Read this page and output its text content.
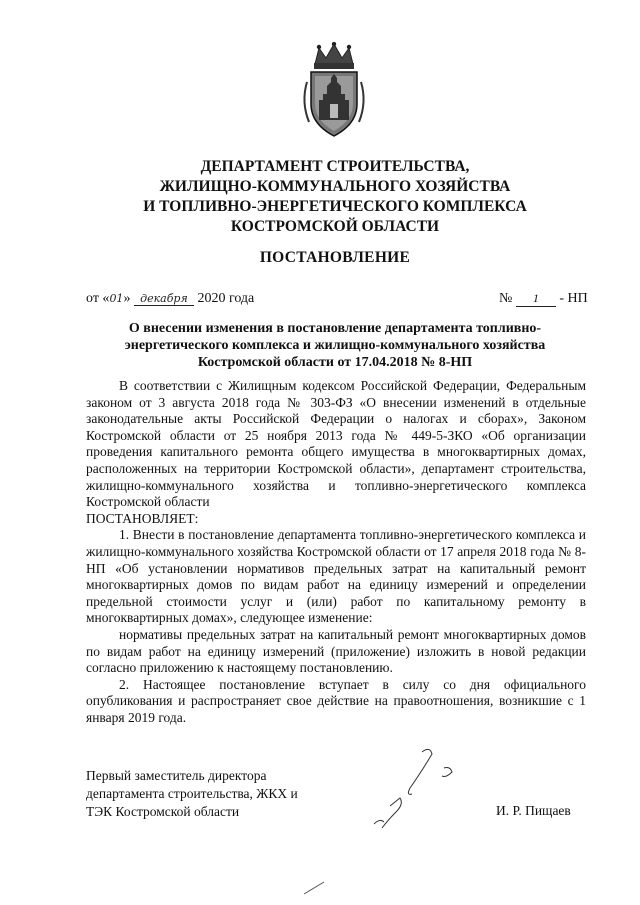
ДЕПАРТАМЕНТ СТРОИТЕЛЬСТВА,
ЖИЛИЩНО-КОММУНАЛЬНОГО ХОЗЯЙСТВА
И ТОПЛИВНО-ЭНЕРГЕТИЧЕСКОГО КОМПЛЕКСА
КОСТРОМСКОЙ ОБЛАСТИ
ПОСТАНОВЛЕНИЕ
от «01» декабря 2020 года	№ 1 - НП
О внесении изменения в постановление департамента топливно-
энергетического комплекса и жилищно-коммунального хозяйства
Костромской области от 17.04.2018 № 8-НП

В соответствии с Жилищным кодексом Российской Федерации, Федеральным законом от 3 августа 2018 года № 303-ФЗ «О внесении изменений в отдельные законодательные акты Российской Федерации о налогах и сборах», Законом Костромской области от 25 ноября 2013 года № 449-5-ЗКО «Об организации проведения капитального ремонта общего имущества в многоквартирных домах, расположенных на территории Костромской области», департамент строительства, жилищно-коммунального хозяйства и топливно-энергетического комплекса Костромской области

ПОСТАНОВЛЯЕТ:

1. Внести в постановление департамента топливно-энергетического комплекса и жилищно-коммунального хозяйства Костромской области от 17 апреля 2018 года № 8-НП «Об установлении нормативов предельных затрат на капитальный ремонт многоквартирных домов по видам работ на единицу измерений и определении предельной стоимости услуг и (или) работ по капитальному ремонту в многоквартирных домах», следующее изменение:

нормативы предельных затрат на капитальный ремонт многоквартирных домов по видам работ на единицу измерений (приложение) изложить в новой редакции согласно приложению к настоящему постановлению.

2. Настоящее постановление вступает в силу со дня официального опубликования и распространяет свое действие на правоотношения, возникшие с 1 января 2019 года.

Первый заместитель директора
департамента строительства, ЖКХ и
ТЭК Костромской области	И. Р. Пищаев
